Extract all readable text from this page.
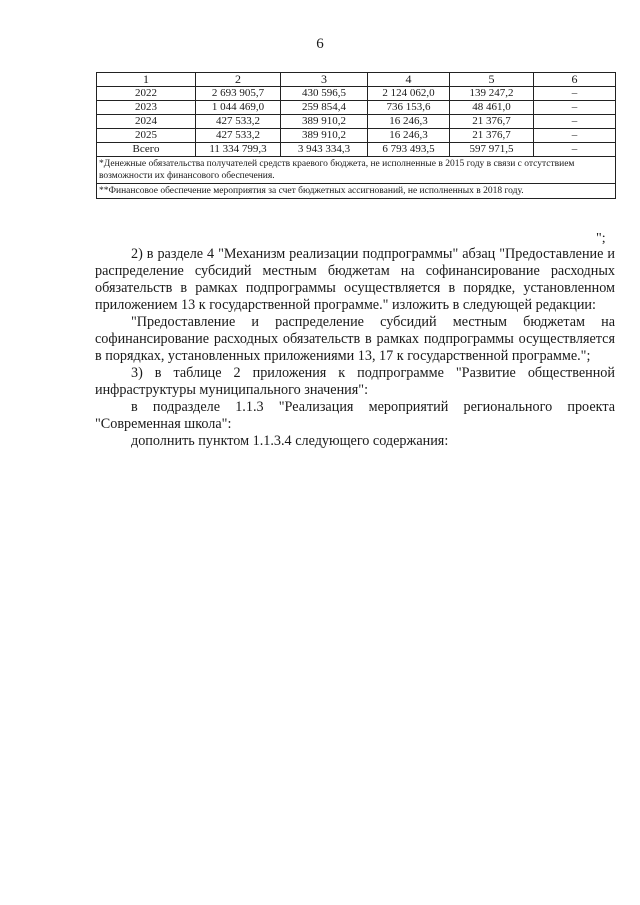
6
1	2	3	4	5	6
2022	2 693 905,7	430 596,5	2 124 062,0	139 247,2	–
2023	1 044 469,0	259 854,4	736 153,6	48 461,0	–
2024	427 533,2	389 910,2	16 246,3	21 376,7	–
2025	427 533,2	389 910,2	16 246,3	21 376,7	–
Всего	11 334 799,3	3 943 334,3	6 793 493,5	597 971,5	–
*Денежные обязательства получателей средств краевого бюджета, не исполненные в 2015 году в связи с отсутствием возможности их финансового обеспечения.					
**Финансовое обеспечение мероприятия за счет бюджетных ассигнований, не исполненных в 2018 году.					
";

2) в разделе 4 "Механизм реализации подпрограммы" абзац "Предоставление и распределение субсидий местным бюджетам на софинансирование расходных обязательств в рамках подпрограммы осуществляется в порядке, установленном приложением 13 к государственной программе." изложить в следующей редакции:

"Предоставление и распределение субсидий местным бюджетам на софинансирование расходных обязательств в рамках подпрограммы осуществляется в порядках, установленных приложениями 13, 17 к государственной программе.";

3) в таблице 2 приложения к подпрограмме "Развитие общественной инфраструктуры муниципального значения":

в подразделе 1.1.3 "Реализация мероприятий регионального проекта "Современная школа":

дополнить пунктом 1.1.3.4 следующего содержания:
